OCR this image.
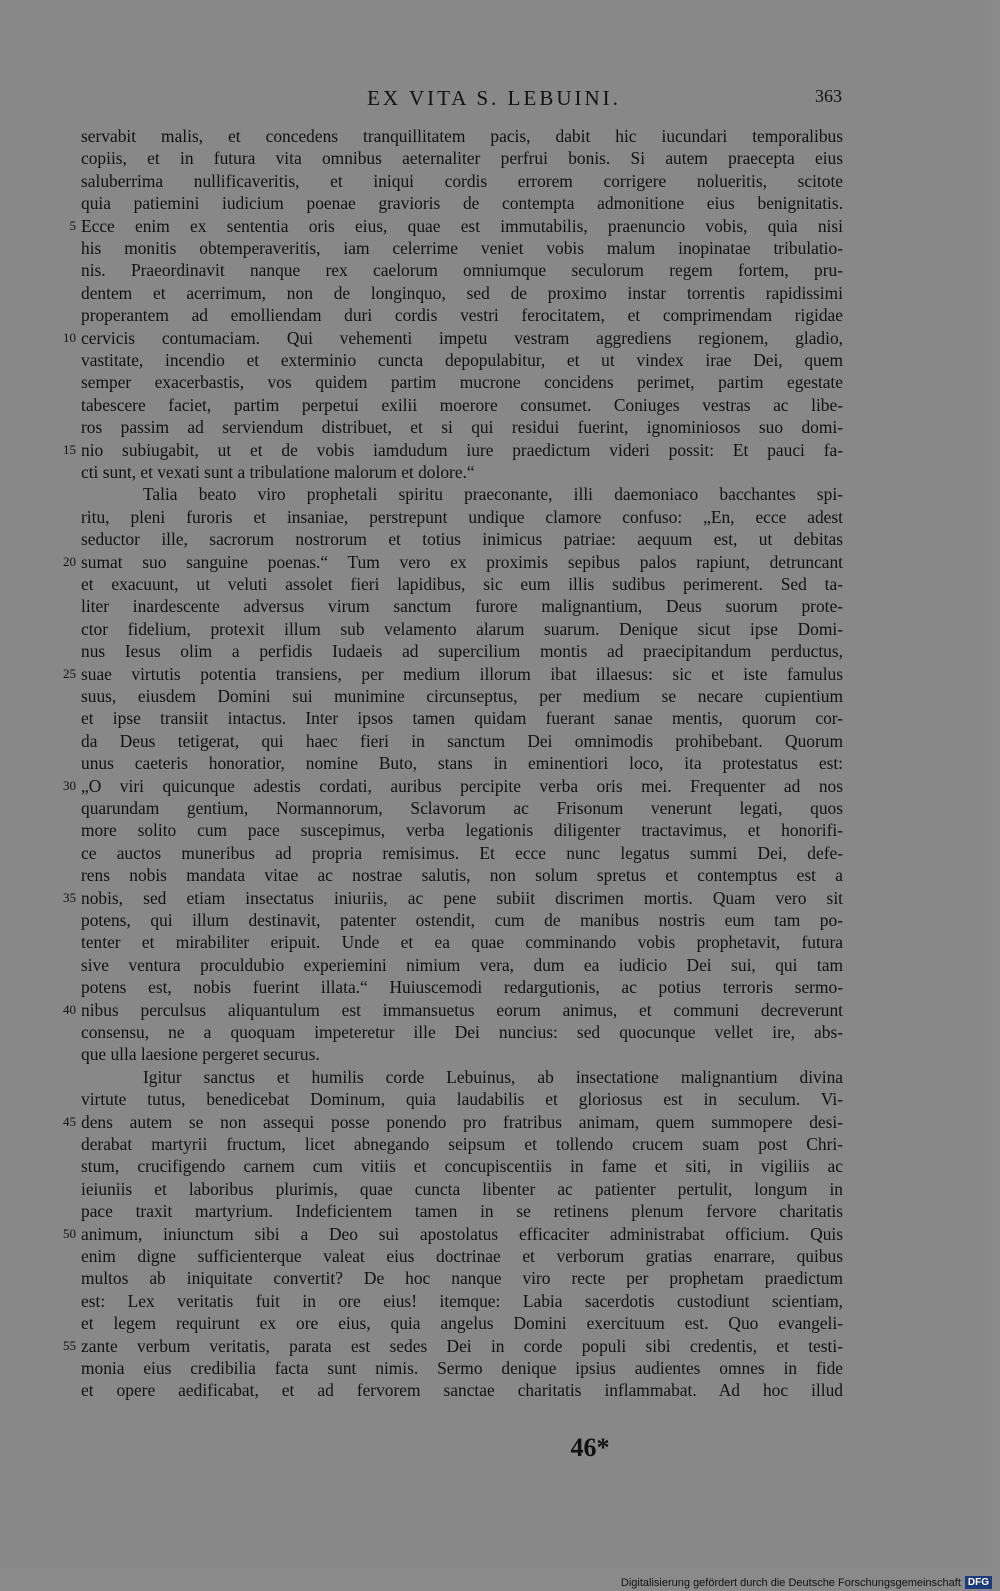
EX VITA S. LEBUINI.	363
servabit malis, et concedens tranquillitatem pacis, dabit hic iucundari temporalibus
copiis, et in futura vita omnibus aeternaliter perfrui bonis. Si autem praecepta eius
saluberrima nullificaveritis, et iniqui cordis errorem corrigere nolueritis, scitote
quia patiemini iudicium poenae gravioris de contempta admonitione eius benignitatis.
5 Ecce enim ex sententia oris eius, quae est immutabilis, praenuncio vobis, quia nisi
his monitis obtemperaveritis, iam celerrime veniet vobis malum inopinatae tribulatio-
nis. Praeordinavit nanque rex caelorum omniumque seculorum regem fortem, pru-
dentem et acerrimum, non de longinquo, sed de proximo instar torrentis rapidissimi
properantem ad emolliendam duri cordis vestri ferocitatem, et comprimendam rigidae
10 cervicis contumaciam. Qui vehementi impetu vestram aggrediens regionem, gladio,
vastitate, incendio et exterminio cuncta depopulabitur, et ut vindex irae Dei, quem
semper exacerbastis, vos quidem partim mucrone concidens perimet, partim egestate
tabescere faciet, partim perpetui exilii moerore consumet. Coniuges vestras ac libe-
ros passim ad serviendum distribuet, et si qui residui fuerint, ignominiosos suo domi-
15 nio subiugabit, ut et de vobis iamdudum iure praedictum videri possit: Et pauci fa-
cti sunt, et vexati sunt a tribulatione malorum et dolore.“
Talia beato viro prophetali spiritu praeconante, illi daemoniaco bacchantes spi-
ritu, pleni furoris et insaniae, perstrepunt undique clamore confuso: „En, ecce adest
seductor ille, sacrorum nostrorum et totius inimicus patriae: aequum est, ut debitas
20 sumat suo sanguine poenas.“ Tum vero ex proximis sepibus palos rapiunt, detruncant
et exacuunt, ut veluti assolet fieri lapidibus, sic eum illis sudibus perimerent. Sed ta-
liter inardescente adversus virum sanctum furore malignantium, Deus suorum prote-
ctor fidelium, protexit illum sub velamento alarum suarum. Denique sicut ipse Domi-
nus Iesus olim a perfidis Iudaeis ad supercilium montis ad praecipitandum perductus,
25 suae virtutis potentia transiens, per medium illorum ibat illaesus: sic et iste famulus
suus, eiusdem Domini sui munimine circunseptus, per medium se necare cupientium
et ipse transiit intactus. Inter ipsos tamen quidam fuerant sanae mentis, quorum cor-
da Deus tetigerat, qui haec fieri in sanctum Dei omnimodis prohibebant. Quorum
unus caeteris honoratior, nomine Buto, stans in eminentiori loco, ita protestatus est:
30 „O viri quicunque adestis cordati, auribus percipite verba oris mei. Frequenter ad nos
quarundam gentium, Normannorum, Sclavorum ac Frisonum venerunt legati, quos
more solito cum pace suscepimus, verba legationis diligenter tractavimus, et honorifi-
ce auctos muneribus ad propria remisimus. Et ecce nunc legatus summi Dei, defe-
rens nobis mandata vitae ac nostrae salutis, non solum spretus et contemptus est a
35 nobis, sed etiam insectatus iniuriis, ac pene subiit discrimen mortis. Quam vero sit
potens, qui illum destinavit, patenter ostendit, cum de manibus nostris eum tam po-
tenter et mirabiliter eripuit. Unde et ea quae comminando vobis prophetavit, futura
sive ventura proculdubio experiemini nimium vera, dum ea iudicio Dei sui, qui tam
potens est, nobis fuerint illata.“ Huiuscemodi redargutionis, ac potius terroris sermo-
40 nibus perculsus aliquantulum est immansuetus eorum animus, et communi decreverunt
consensu, ne a quoquam impeteretur ille Dei nuncius: sed quocunque vellet ire, abs-
que ulla laesione pergeret securus.
Igitur sanctus et humilis corde Lebuinus, ab insectatione malignantium divina
virtute tutus, benedicebat Dominum, quia laudabilis et gloriosus est in seculum. Vi-
45 dens autem se non assequi posse ponendo pro fratribus animam, quem summopere desi-
derabat martyrii fructum, licet abnegando seipsum et tollendo crucem suam post Chri-
stum, crucifigendo carnem cum vitiis et concupiscentiis in fame et siti, in vigiliis ac
ieiuniis et laboribus plurimis, quae cuncta libenter ac patienter pertulit, longum in
pace traxit martyrium. Indeficientem tamen in se retinens plenum fervore charitatis
50 animum, iniunctum sibi a Deo sui apostolatus efficaciter administrabat officium. Quis
enim digne sufficienterque valeat eius doctrinae et verborum gratias enarrare, quibus
multos ab iniquitate convertit? De hoc nanque viro recte per prophetam praedictum
est: Lex veritatis fuit in ore eius! itemque: Labia sacerdotis custodiunt scientiam,
et legem requirunt ex ore eius, quia angelus Domini exercituum est. Quo evangeli-
55 zante verbum veritatis, parata est sedes Dei in corde populi sibi credentis, et testi-
monia eius credibilia facta sunt nimis. Sermo denique ipsius audientes omnes in fide
et opere aedificabat, et ad fervorem sanctae charitatis inflammabat. Ad hoc illud
46*
Digitalisierung gefördert durch die Deutsche Forschungsgemeinschaft DFG
